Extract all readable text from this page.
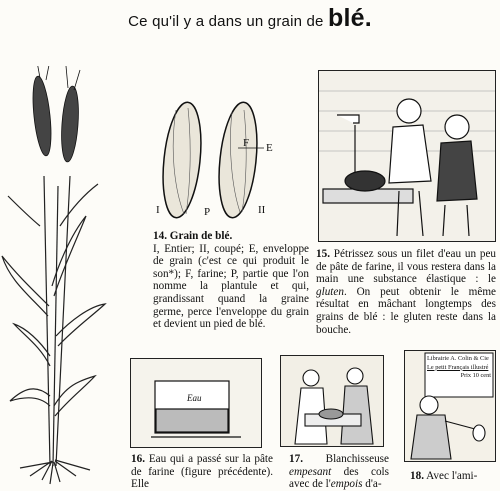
Ce qu'il y a dans un grain de blé.
F E
I	P	II
14. Grain de blé.
I, Entier; II, coupé; E, enveloppe de grain (c'est ce qui produit le son*); F, farine; P, partie que l'on nomme la plantule et qui, grandissant quand la graine germe, perce l'enveloppe du grain et devient un pied de blé.
15. Pétrissez sous un filet d'eau un peu de pâte de farine, il vous restera dans la main une substance élastique : le gluten. On peut obtenir le même résultat en mâchant longtemps des grains de blé : le gluten reste dans la bouche.
Eau
16. Eau qui a passé sur la pâte de farine (figure précédente). Elle
17. Blanchisseuse empesant des cols avec de l'empois d'a-
Librairie A. Colin & Cie
Le petit Français illustré
Prix 10 cent
18. Avec l'ami-
